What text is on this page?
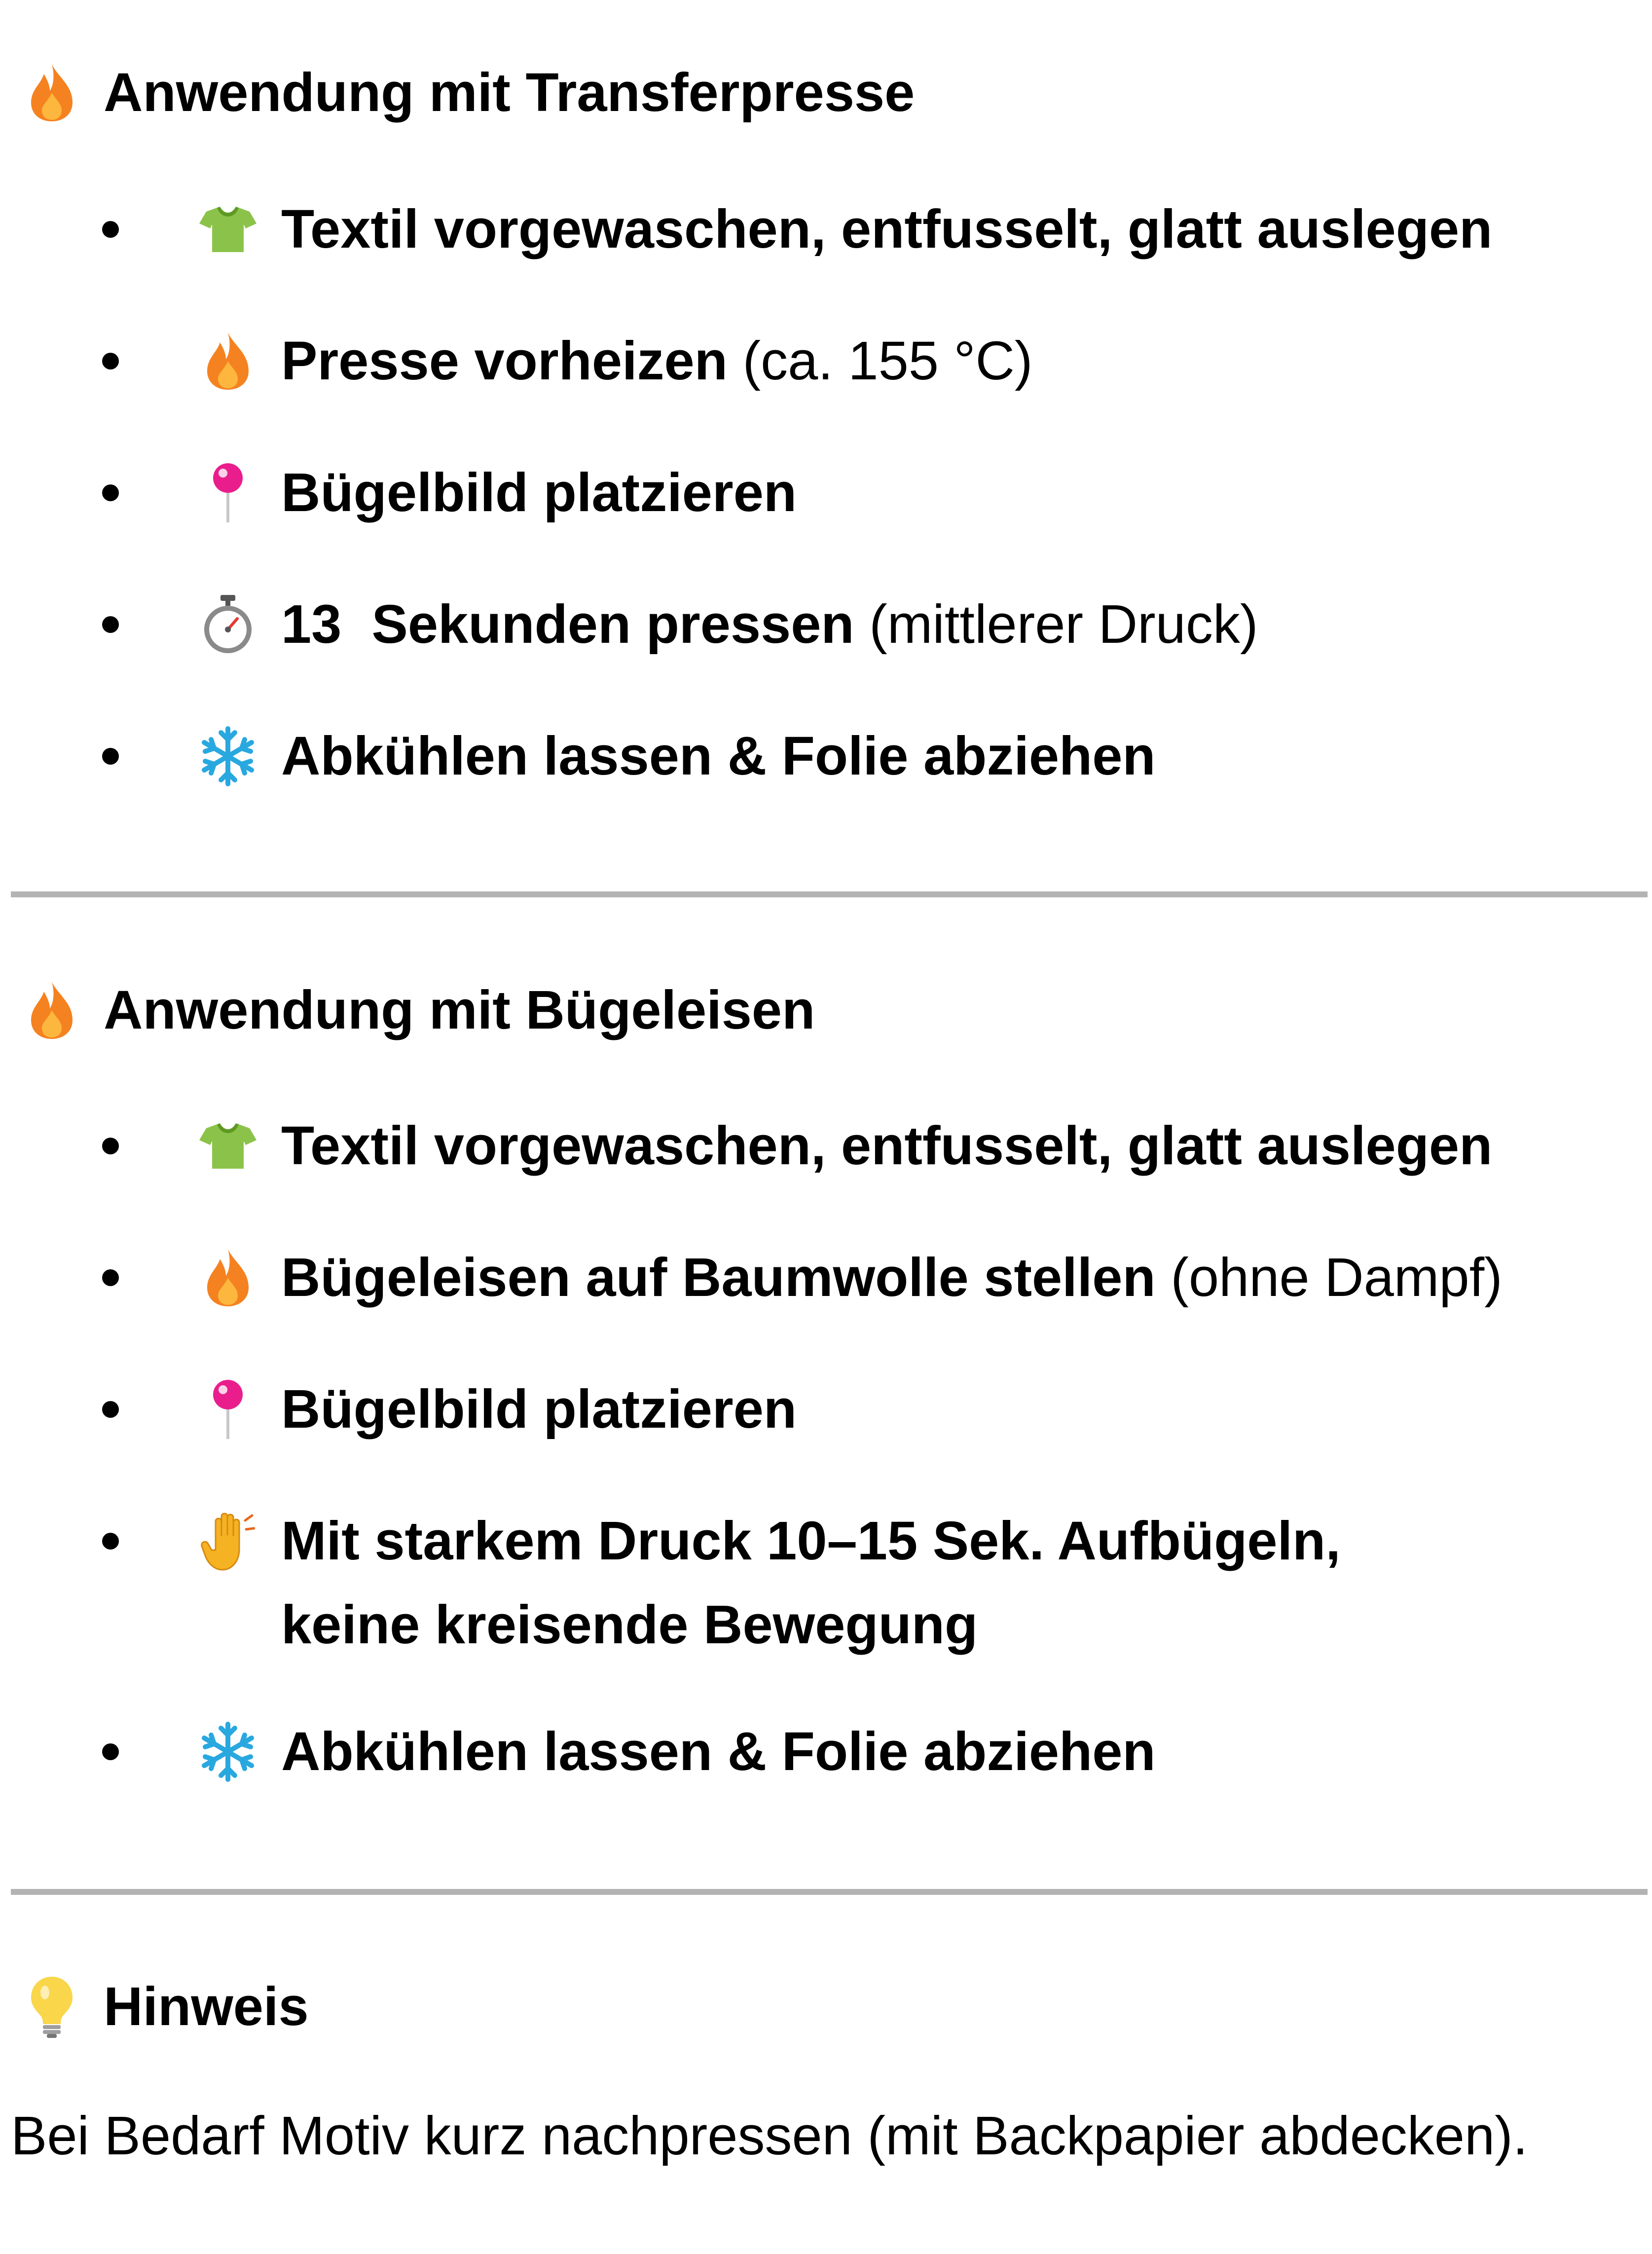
Anwendung mit Transferpresse
Textil vorgewaschen, entfusselt, glatt auslegen
Presse vorheizen (ca. 155 °C)
Bügelbild platzieren
13  Sekunden pressen (mittlerer Druck)
Abkühlen lassen & Folie abziehen
Anwendung mit Bügeleisen
Textil vorgewaschen, entfusselt, glatt auslegen
Bügeleisen auf Baumwolle stellen (ohne Dampf)
Bügelbild platzieren
Mit starkem Druck 10–15 Sek. Aufbügeln,
keine kreisende Bewegung
Abkühlen lassen & Folie abziehen
Hinweis
Bei Bedarf Motiv kurz nachpressen (mit Backpapier abdecken).
